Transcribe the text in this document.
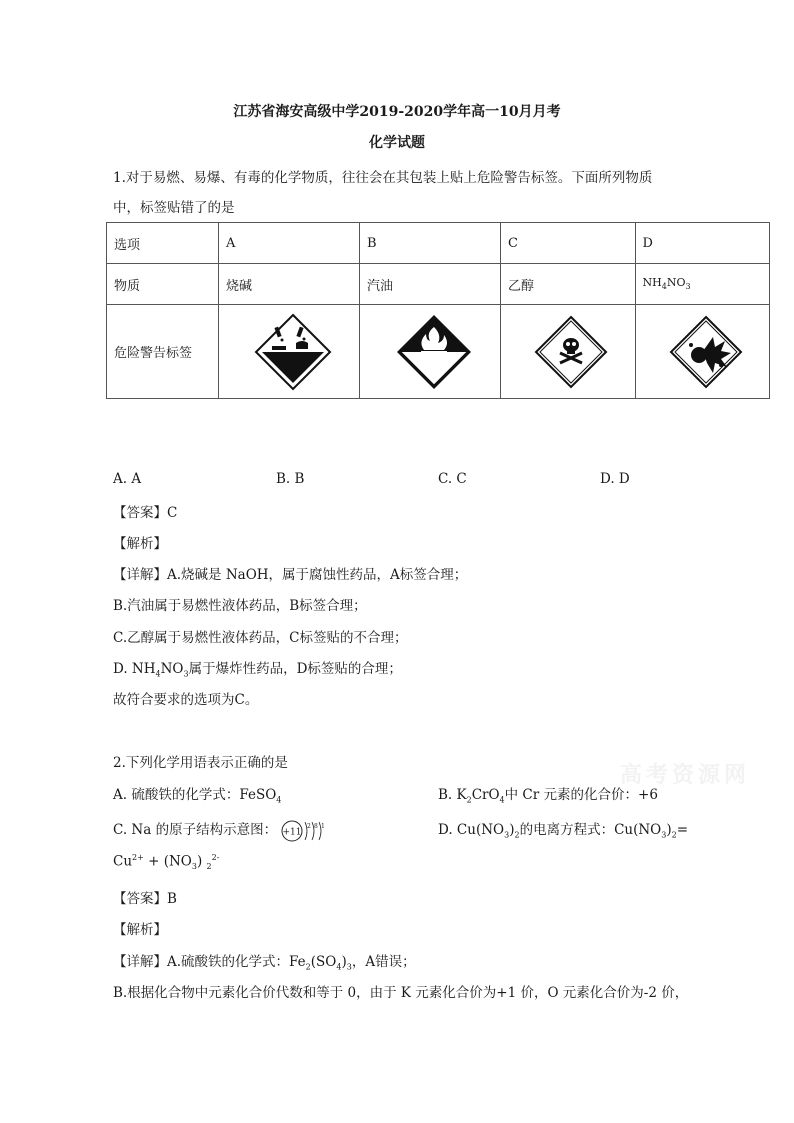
江苏省海安高级中学2019-2020学年高一10月月考
化学试题
1.对于易燃、易爆、有毒的化学物质，往往会在其包装上贴上危险警告标签。下面所列物质
中，标签贴错了的是
选项	A	B	C	D
物质	烧碱	汽油	乙醇	$NH_4NO_3$
危险警告标签	

A. A	B. B	C. C	D. D
【答案】C
【解析】
【详解】A.烧碱是 NaOH，属于腐蚀性药品，A标签合理；
B.汽油属于易燃性液体药品，B标签合理；
C.乙醇属于易燃性液体药品，C标签贴的不合理；
D. $NH_4NO_3$属于爆炸性药品，D标签贴的合理；
故符合要求的选项为C。
2.下列化学用语表示正确的是	高考资源网
A. 硫酸铁的化学式：FeSO$_4$	B. $K_2CrO_4$中 Cr 元素的化合价：+6
C. Na 的原子结构示意图： +11
2 8 1	D. $Cu(NO_3)_2$的电离方程式：$Cu(NO_3)_2=$
$Cu^{2+} + (NO_3)$ $_2^{2-}$
【答案】B
【解析】
【详解】A.硫酸铁的化学式：$Fe_2(SO_4)_3$，A错误；
B.根据化合物中元素化合价代数和等于 0，由于 K 元素化合价为+1 价，O 元素化合价为-2 价，
